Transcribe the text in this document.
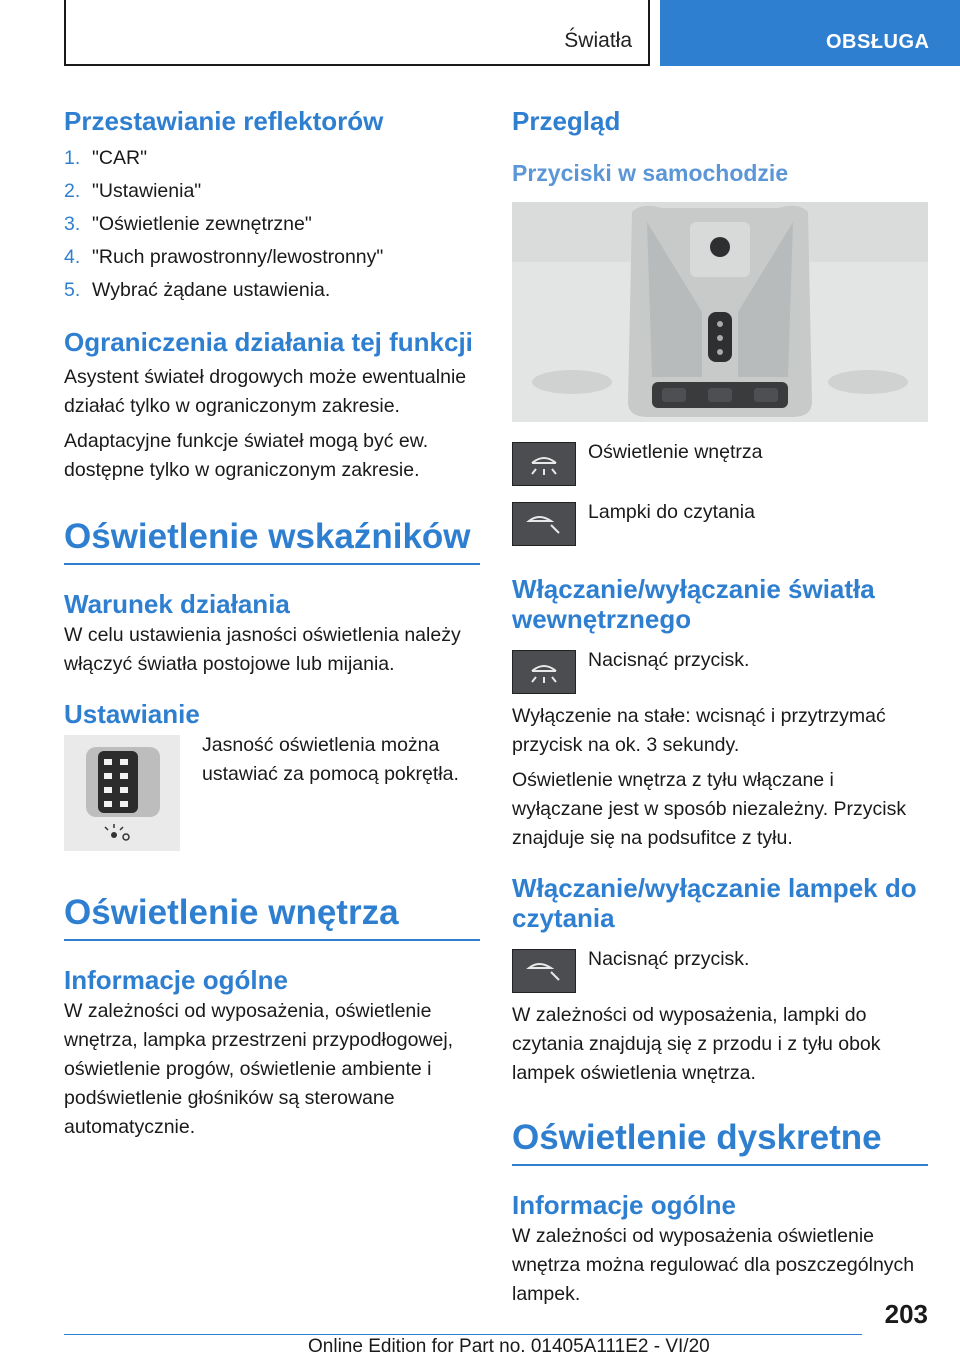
Światła	OBSŁUGA
Przestawianie reflektorów
1. "CAR"
2. "Ustawienia"
3. "Oświetlenie zewnętrzne"
4. "Ruch prawostronny/lewostronny"
5. Wybrać żądane ustawienia.
Ograniczenia działania tej funkcji

Asystent świateł drogowych może ewentualnie działać tylko w ograniczonym zakresie.

Adaptacyjne funkcje świateł mogą być ew. dostępne tylko w ograniczonym zakresie.

Oświetlenie wskaźników
Warunek działania

W celu ustawienia jasności oświetlenia należy włączyć światła postojowe lub mijania.

Ustawianie

Jasność oświetlenia można ustawiać za pomocą pokrętła.

Oświetlenie wnętrza
Informacje ogólne

W zależności od wyposażenia, oświetlenie wnętrza, lampka przestrzeni przypodłogowej, oświetlenie progów, oświetlenie ambiente i podświetlenie głośników są sterowane automatycznie.

Przegląd
Przyciski w samochodzie
Oświetlenie wnętrza
Lampki do czytania
Włączanie/wyłączanie światła wewnętrznego
Nacisnąć przycisk.

Wyłączenie na stałe: wcisnąć i przytrzymać przycisk na ok. 3 sekundy.

Oświetlenie wnętrza z tyłu włączane i wyłączane jest w sposób niezależny. Przycisk znajduje się na podsufitce z tyłu.

Włączanie/wyłączanie lampek do czytania
Nacisnąć przycisk.

W zależności od wyposażenia, lampki do czytania znajdują się z przodu i z tyłu obok lampek oświetlenia wnętrza.

Oświetlenie dyskretne
Informacje ogólne

W zależności od wyposażenia oświetlenie wnętrza można regulować dla poszczególnych lampek.

203
Online Edition for Part no. 01405A111E2 - VI/20
